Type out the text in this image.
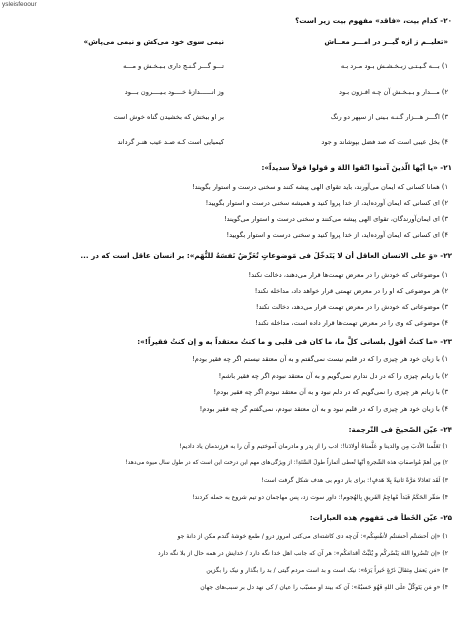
ysleisfeoour
۲۰- کدام بیت، «فاقد» مفهوم بیت زیر است؟
«تعلیــم ز ازه گیــر در امـــر معــاش
نیمی سوی خود می‌کش و نیمی می‌پاش»
۱) بـــه گـیـتـی زبـخـشـش بـود مـرد بـه
تـــو گـــر گـنـج داری بـبـخـش و مـــه
۲) مـــدار و بـبـخـش آن چـه افـزون بـود
وز انــــــدازۀ خــــود بـیــــرون بـــود
۳) اگـــر هـــزار گـنـه بـینی از سپهر دو رنگ
بر او ببخش که بخشیدن گناه خوش است
۴) بخل عیبی است که صد فضل بپوشاند و جود
کیمیایی است کـه صـد عیب هنـر گرداند
۲۱- «یا أیّها الّذینَ آمنوا اتّقوا اللهَ و قولوا قولاً سدیداً»:
۱) همانا کسانی که ایمان می‌آورند، باید تقوای الهی پیشه کنند و سخنی درست و استوار بگویند!
۲) ای کسانی که ایمان آورده‌اید، از خدا پروا کنید و همیشه سخنی درست و استوار بگویید!
۳) ای ایمان‌آورندگان، تقوای الهی پیشه می‌کنند و سخنی درست و استوار می‌گویند!
۴) ای کسانی که ایمان آورده‌اید، از خدا پروا کنید و سخنی درست و استوار بگویید!
۲۲- «وَ علی الانسان العاقل أن لا یَتَدخّلَ فی مَوضوعاتٍ تُعَرِّضُ نَفسَهُ للتُّهَم»: بر انسان عاقل است که در ...
۱) موضوعاتی که خودش را در معرض تهمت‌ها قرار می‌دهند، دخالت نکند!
۲) هر موضوعی که او را در معرض تهمتی قرار خواهد داد، مداخله نکند!
۳) موضوعاتی که خودش را در معرض تهمت قرار می‌دهد، دخالت نکند!
۴) موضوعی که وی را در معرض تهمت‌ها قرار داده است، مداخله نکند!
۲۳- «ما کنتُ أقول بلسانی کلَّ ما، ما کان فی قلبی و ما کنتُ معتقداً به و إن کنتُ فقیراً!»:
۱) با زبان خود هر چیزی را که در قلبم نیست نمی‌گفتم و به آن معتقد نیستم اگر چه فقیر بودم!
۲) با زبانم چیزی را که در دل ندارم نمی‌گویم و به آن معتقد نبودم اگر چه فقیر باشم!
۳) با زبانم هر چیزی را نمی‌گویم که در دلم نبود و به آن معتقد نبودم اگر چه فقیر بودم!
۴) با زبان خود هر چیزی را که در قلبم نبود و به آن معتقد نبودم، نمی‌گفتم گر چه فقیر بودم!
۲۴- عیّن الصّحیحَ فی التّرجمة:
۱) تَعَلَّمنا الأدبَ مِن والدینا و عَلَّمناهُ أولادَنا!: ادب را از پدر و مادرمان آموختیم و آن را به فرزندمان یاد دادیم!
۲) مِن أهمّ مُواصفاتِ هذه الشّجرةِ أنّها تُعطی أثماراً طولَ السَّنَةِ!: از ویژگی‌های مهم این درخت این است که در طول سال میوه می‌دهد!
۳) لَقَد تَعادَلا مَرَّةً ثانیةً بِلا هَدفٍ!: برای بار دوم بی هدف شکل گرفت است!
۴) صَفّر الحَکَمُ فَبَدأ مُهاجِمُ الفَریقِ بِالهُجوم!: داور سوت زد، پس مهاجمان دو تیم شروع به حمله کردند!
۲۵- عیّن الخَطأ فی مَفهوم هذه العبارات:
۱) «إن أحسَنتُم أحسَنتُم لأنفُسِکُم»: آن‌چه دی کاشته‌ای می‌کنی امروز درو / طمع خوشهٔ گندم مکن از دانهٔ جو
۲) «إن تَنْصُروا اللهَ یَنْصُرکُم و یُثَبِّتْ أقدامَکُم»: هر آن که جانب اهل خدا نگه دارد / خدایش در همه حال از بلا نگه دارد
۳) «مَن یَعمَل مِثقالَ ذَرّةٍ خَیراً یَرَهُ»: نیک است و بد است مردم گیتی / بد را بگذار و نیک را بگزین
۴) «و مَن یَتَوکّلْ علَی اللهِ فَهُوَ حَسبُهُ»: آن که بیند او مسبّب را عیان / کی نهد دل بر سبب‌های جهان
